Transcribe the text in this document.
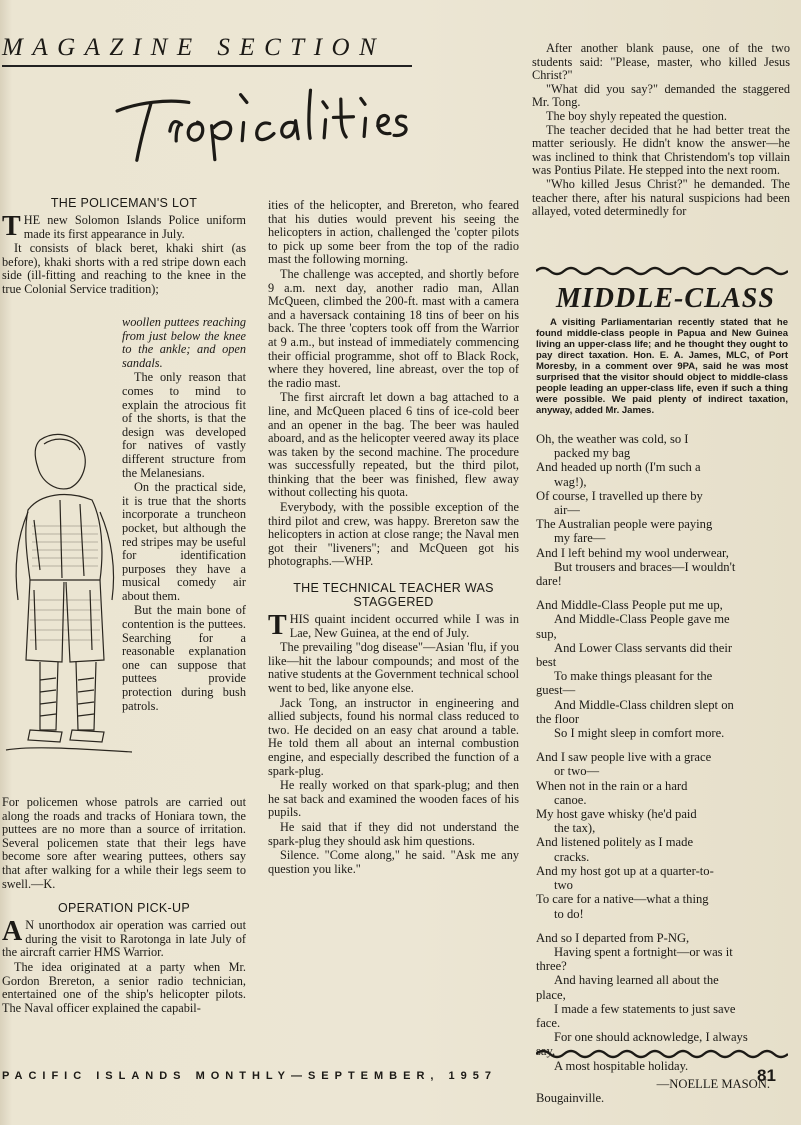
MAGAZINE SECTION
THE POLICEMAN'S LOT

THE new Solomon Islands Police uniform made its first appearance in July.

It consists of black beret, khaki shirt (as before), khaki shorts with a red stripe down each side (ill-fitting and reaching to the knee in the true Colonial Service tradition);

woollen puttees reaching from just below the knee to the ankle; and open sandals.

The only reason that comes to mind to explain the atrocious fit of the shorts, is that the design was developed for natives of vastly different structure from the Melanesians.

On the practical side, it is true that the shorts incorporate a truncheon pocket, but although the red stripes may be useful for identification purposes they have a musical comedy air about them.

But the main bone of contention is the puttees. Searching for a reasonable explanation one can suppose that puttees provide protection during bush patrols.

For policemen whose patrols are carried out along the roads and tracks of Honiara town, the puttees are no more than a source of irritation. Several policemen state that their legs have become sore after wearing puttees, others say that after walking for a while their legs seem to swell.—K.

OPERATION PICK-UP

A N unorthodox air operation was carried out during the visit to Rarotonga in late July of the aircraft carrier HMS Warrior.

The idea originated at a party when Mr. Gordon Brereton, a senior radio technician, entertained one of the ship's helicopter pilots. The Naval officer explained the capabil-

ities of the helicopter, and Brereton, who feared that his duties would prevent his seeing the helicopters in action, challenged the 'copter pilots to pick up some beer from the top of the radio mast the following morning.

The challenge was accepted, and shortly before 9 a.m. next day, another radio man, Allan McQueen, climbed the 200-ft. mast with a camera and a haversack containing 18 tins of beer on his back. The three 'copters took off from the Warrior at 9 a.m., but instead of immediately commencing their official programme, shot off to Black Rock, where they hovered, line abreast, over the top of the radio mast.

The first aircraft let down a bag attached to a line, and McQueen placed 6 tins of ice-cold beer and an opener in the bag. The beer was hauled aboard, and as the helicopter veered away its place was taken by the second machine. The procedure was successfully repeated, but the third pilot, thinking that the beer was finished, flew away without collecting his quota.

Everybody, with the possible exception of the third pilot and crew, was happy. Brereton saw the helicopters in action at close range; the Naval men got their "liveners"; and McQueen got his photographs.—WHP.

THE TECHNICAL TEACHER WAS STAGGERED

THIS quaint incident occurred while I was in Lae, New Guinea, at the end of July.

The prevailing "dog disease"—Asian 'flu, if you like—hit the labour compounds; and most of the native students at the Government technical school went to bed, like anyone else.

Jack Tong, an instructor in engineering and allied subjects, found his normal class reduced to two. He decided on an easy chat around a table. He told them all about an internal combustion engine, and especially described the function of a spark-plug.

He really worked on that spark-plug; and then he sat back and examined the wooden faces of his pupils.

He said that if they did not understand the spark-plug they should ask him questions.

Silence. "Come along," he said. "Ask me any question you like."

After another blank pause, one of the two students said: "Please, master, who killed Jesus Christ?"

"What did you say?" demanded the staggered Mr. Tong.

The boy shyly repeated the question.

The teacher decided that he had better treat the matter seriously. He didn't know the answer—he was inclined to think that Christendom's top villain was Pontius Pilate. He stepped into the next room.

"Who killed Jesus Christ?" he demanded. The teacher there, after his natural suspicions had been allayed, voted determinedly for

MIDDLE-CLASS

A visiting Parliamentarian recently stated that he found middle-class people in Papua and New Guinea living an upper-class life; and he thought they ought to pay direct taxation. Hon. E. A. James, MLC, of Port Moresby, in a comment over 9PA, said he was most surprised that the visitor should object to middle-class people leading an upper-class life, even if such a thing were possible. We paid plenty of indirect taxation, anyway, added Mr. James.

Oh, the weather was cold, so I
packed my bag
And headed up north (I'm such a
wag!),
Of course, I travelled up there by
air—
The Australian people were paying
my fare—
And I left behind my wool underwear,
But trousers and braces—I wouldn't
dare!
And Middle-Class People put me up,
And Middle-Class People gave me
sup,
And Lower Class servants did their
best
To make things pleasant for the
guest—
And Middle-Class children slept on
the floor
So I might sleep in comfort more.
And I saw people live with a grace
or two—
When not in the rain or a hard
canoe.
My host gave whisky (he'd paid
the tax),
And listened politely as I made
cracks.
And my host got up at a quarter-to-
two
To care for a native—what a thing
to do!
And so I departed from P-NG,
Having spent a fortnight—or was it
three?
And having learned all about the
place,
I made a few statements to just save
face.
For one should acknowledge, I always
say,
A most hospitable holiday.
—NOELLE MASON.
Bougainville.
PACIFIC ISLANDS MONTHLY—SEPTEMBER, 1957	81
